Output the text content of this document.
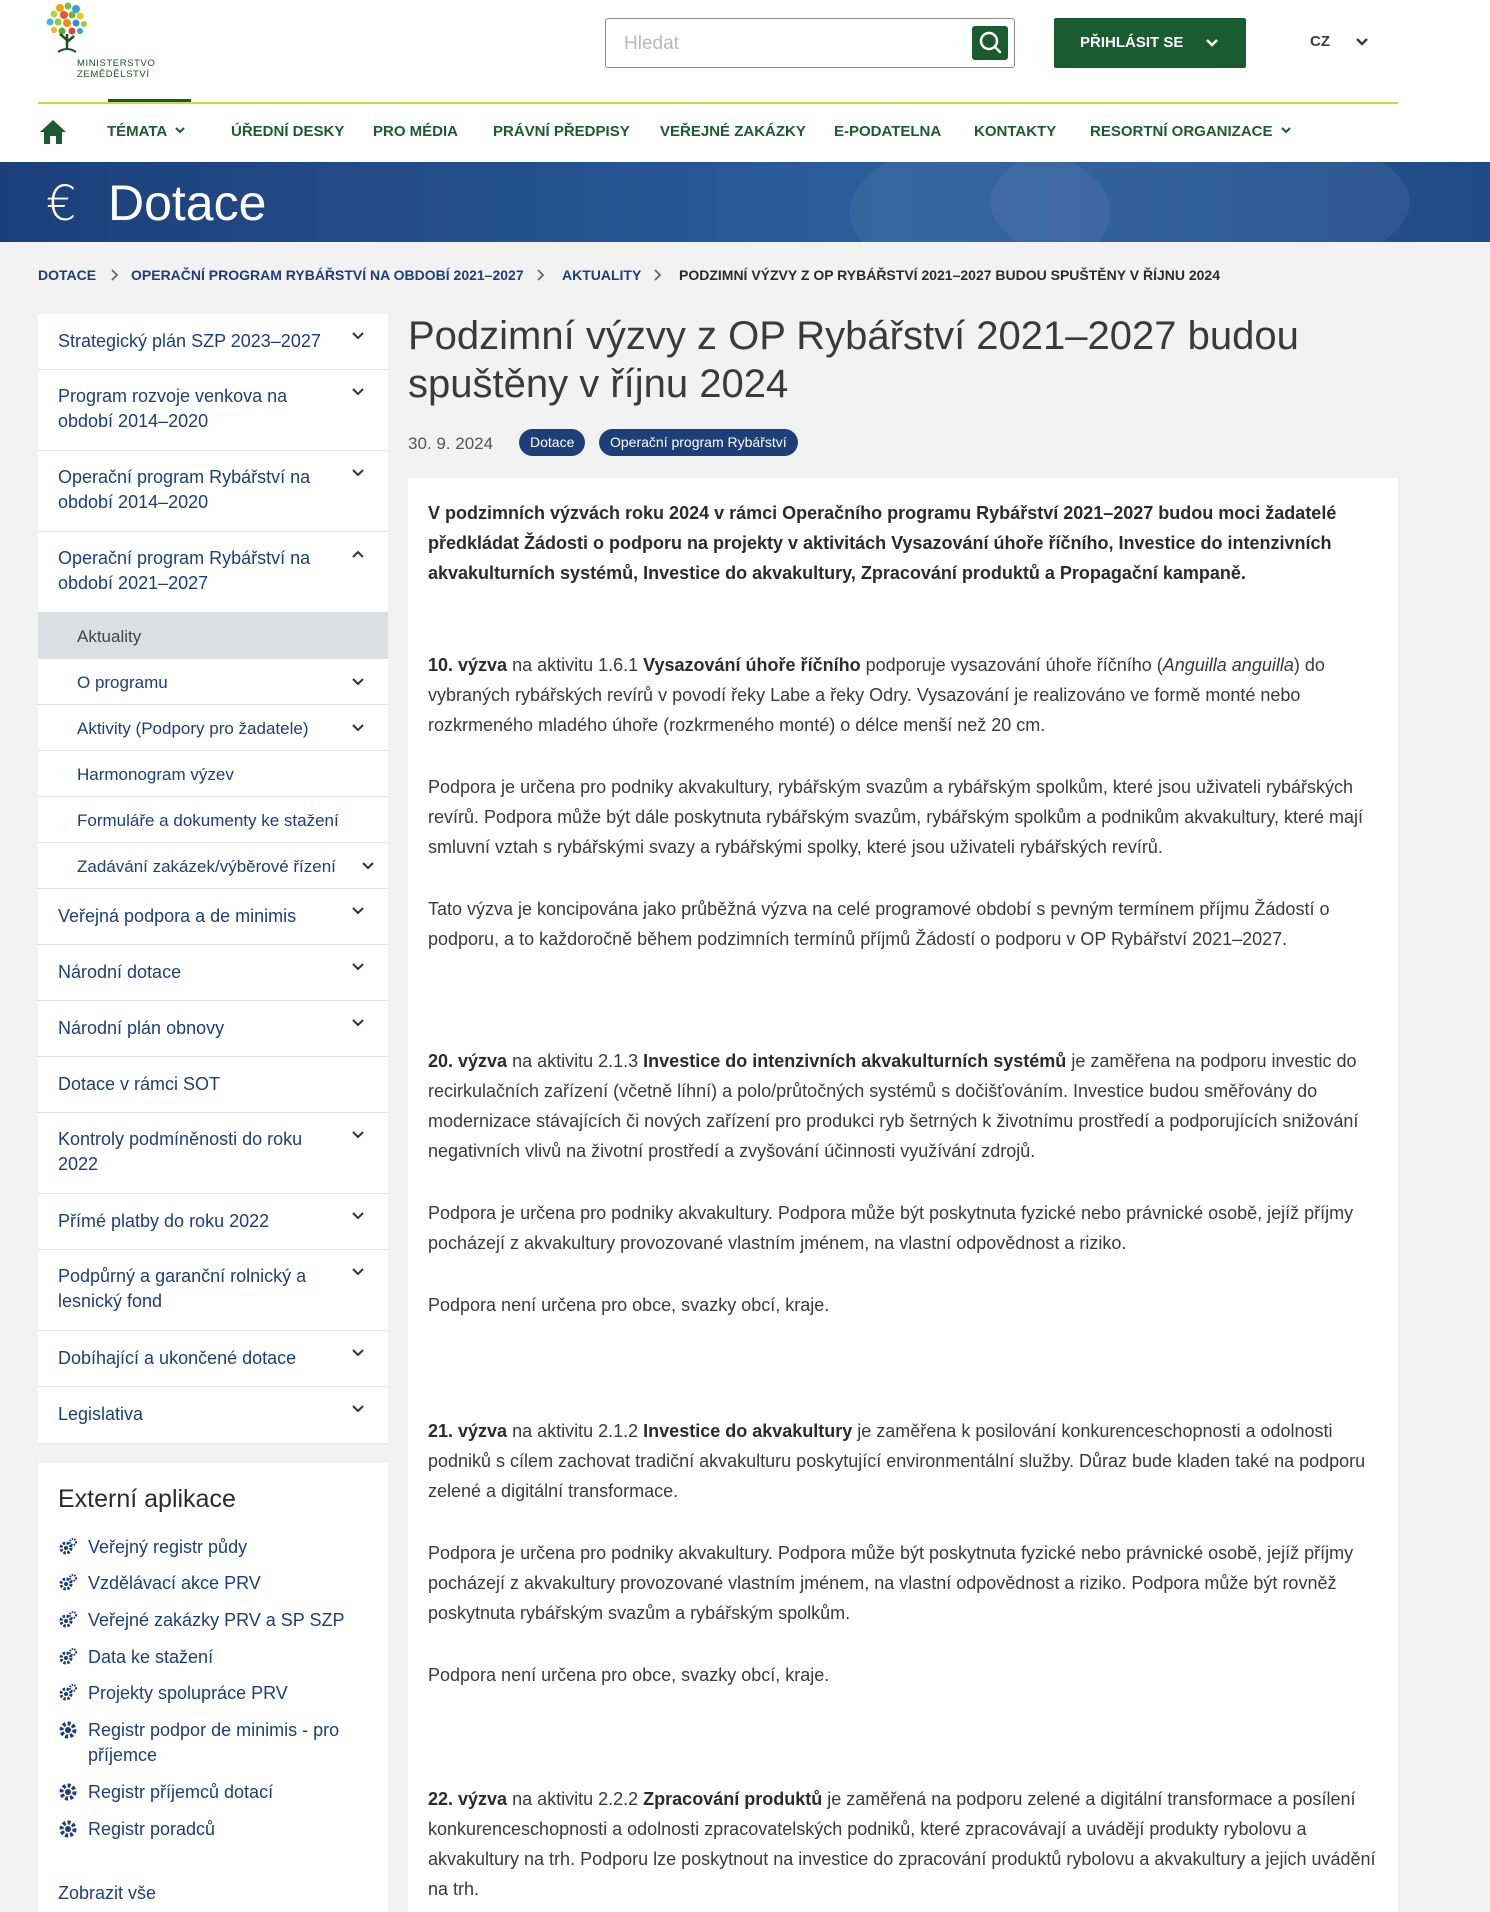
MINISTERSTVO ZEMĚDĚLSTVÍ
Hledat
PŘIHLÁSIT SE	CZ
TÉMATA	ÚŘEDNÍ DESKY PRO MÉDIA PRÁVNÍ PŘEDPISY VEŘEJNÉ ZAKÁZKY E-PODATELNA KONTAKTY RESORTNÍ ORGANIZACE
€ Dotace
DOTACE OPERAČNÍ PROGRAM RYBÁŘSTVÍ NA OBDOBÍ 2021–2027	AKTUALITY	PODZIMNÍ VÝZVY Z OP RYBÁŘSTVÍ 2021–2027 BUDOU SPUŠTĚNY V ŘÍJNU 2024
Strategický plán SZP 2023–2027
Program rozvoje venkova na období 2014–2020
Operační program Rybářství na období 2014–2020
Operační program Rybářství na období 2021–2027
Aktuality
O programu
Aktivity (Podpory pro žadatele)
Harmonogram výzev
Formuláře a dokumenty ke stažení
Zadávání zakázek/výběrové řízení
Veřejná podpora a de minimis
Národní dotace
Národní plán obnovy
Dotace v rámci SOT
Kontroly podmíněnosti do roku 2022
Přímé platby do roku 2022
Podpůrný a garanční rolnický a lesnický fond
Dobíhající a ukončené dotace
Legislativa
Externí aplikace
Veřejný registr půdy
Vzdělávací akce PRV
Veřejné zakázky PRV a SP SZP
Data ke stažení
Projekty spolupráce PRV
Registr podpor de minimis - pro příjemce
Registr příjemců dotací
Registr poradců
Zobrazit vše
Podzimní výzvy z OP Rybářství 2021–2027 budou spuštěny v říjnu 2024
30. 9. 2024	Dotace	Operační program Rybářství

V podzimních výzvách roku 2024 v rámci Operačního programu Rybářství 2021–2027 budou moci žadatelé předkládat Žádosti o podporu na projekty v aktivitách Vysazování úhoře říčního, Investice do intenzivních akvakulturních systémů, Investice do akvakultury, Zpracování produktů a Propagační kampaně.

10. výzva na aktivitu 1.6.1 Vysazování úhoře říčního podporuje vysazování úhoře říčního (Anguilla anguilla) do vybraných rybářských revírů v povodí řeky Labe a řeky Odry. Vysazování je realizováno ve formě monté nebo rozkrmeného mladého úhoře (rozkrmeného monté) o délce menší než 20 cm.

Podpora je určena pro podniky akvakultury, rybářským svazům a rybářským spolkům, které jsou uživateli rybářských revírů. Podpora může být dále poskytnuta rybářským svazům, rybářským spolkům a podnikům akvakultury, které mají smluvní vztah s rybářskými svazy a rybářskými spolky, které jsou uživateli rybářských revírů.

Tato výzva je koncipována jako průběžná výzva na celé programové období s pevným termínem příjmu Žádostí o podporu, a to každoročně během podzimních termínů příjmů Žádostí o podporu v OP Rybářství 2021–2027.

20. výzva na aktivitu 2.1.3 Investice do intenzivních akvakulturních systémů je zaměřena na podporu investic do recirkulačních zařízení (včetně líhní) a polo/průtočných systémů s dočišťováním. Investice budou směřovány do modernizace stávajících či nových zařízení pro produkci ryb šetrných k životnímu prostředí a podporujících snižování negativních vlivů na životní prostředí a zvyšování účinnosti využívání zdrojů.

Podpora je určena pro podniky akvakultury. Podpora může být poskytnuta fyzické nebo právnické osobě, jejíž příjmy pocházejí z akvakultury provozované vlastním jménem, na vlastní odpovědnost a riziko.

Podpora není určena pro obce, svazky obcí, kraje.

21. výzva na aktivitu 2.1.2 Investice do akvakultury je zaměřena k posilování konkurenceschopnosti a odolnosti podniků s cílem zachovat tradiční akvakulturu poskytující environmentální služby. Důraz bude kladen také na podporu zelené a digitální transformace.

Podpora je určena pro podniky akvakultury. Podpora může být poskytnuta fyzické nebo právnické osobě, jejíž příjmy pocházejí z akvakultury provozované vlastním jménem, na vlastní odpovědnost a riziko. Podpora může být rovněž poskytnuta rybářským svazům a rybářským spolkům.

Podpora není určena pro obce, svazky obcí, kraje.

22. výzva na aktivitu 2.2.2 Zpracování produktů je zaměřená na podporu zelené a digitální transformace a posílení konkurenceschopnosti a odolnosti zpracovatelských podniků, které zpracovávají a uvádějí produkty rybolovu a akvakultury na trh. Podporu lze poskytnout na investice do zpracování produktů rybolovu a akvakultury a jejich uvádění na trh.
